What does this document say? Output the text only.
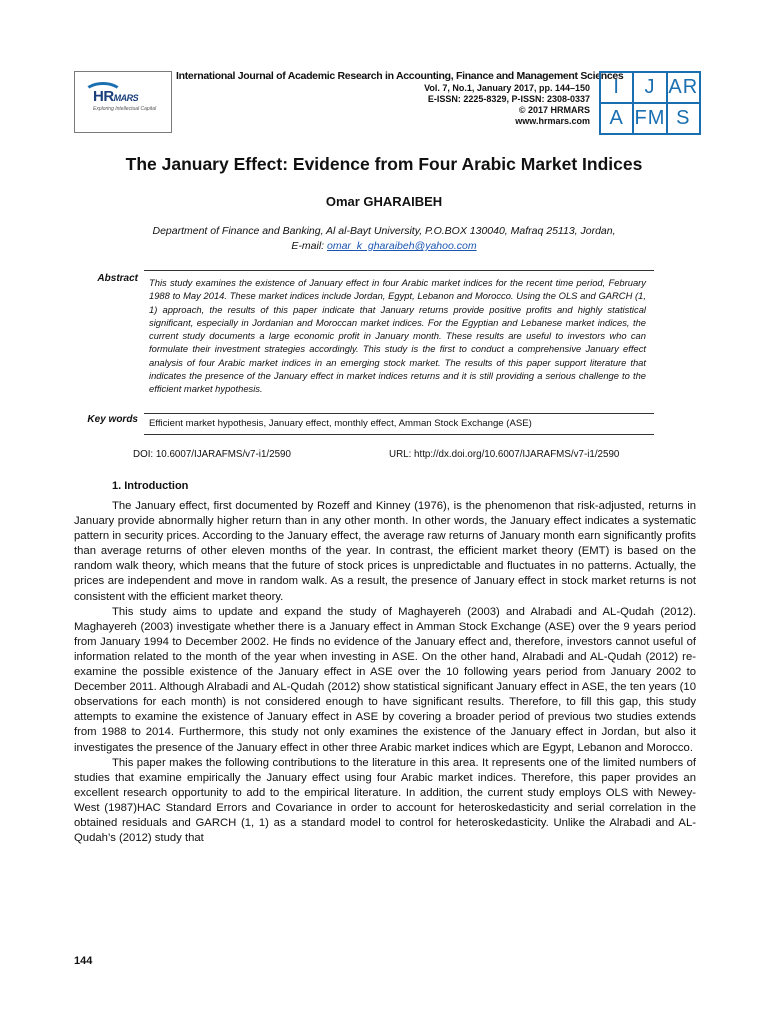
HRMARS
Exploring Intellectual Capital
International Journal of Academic Research in Accounting, Finance and Management Sciences
Vol. 7, No.1, January 2017, pp. 144–150
E-ISSN: 2225-8329, P-ISSN: 2308-0337
© 2017 HRMARS
www.hrmars.com
I	J A R
A F M S
The January Effect: Evidence from Four Arabic Market Indices
Omar GHARAIBEH
Department of Finance and Banking, Al al-Bayt University, P.O.BOX 130040, Mafraq 25113, Jordan,
E-mail: omar_k_gharaibeh@yahoo.com
Abstract This study examines the existence of January effect in four Arabic market indices for the recent time period, February 1988 to May 2014. These market indices include Jordan, Egypt, Lebanon and Morocco. Using the OLS and GARCH (1, 1) approach, the results of this paper indicate that January returns provide positive profits and highly statistical significant, especially in Jordanian and Moroccan market indices. For the Egyptian and Lebanese market indices, the current study documents a large economic profit in January month. These results are useful to investors who can formulate their investment strategies accordingly. This study is the first to conduct a comprehensive January effect analysis of four Arabic market indices in an emerging stock market. The results of this paper support literature that indicates the presence of the January effect in market indices returns and it is still providing a serious challenge to the efficient market hypothesis.
Key words Efficient market hypothesis, January effect, monthly effect, Amman Stock Exchange (ASE)
DOI: 10.6007/IJARAFMS/v7-i1/2590	URL: http://dx.doi.org/10.6007/IJARAFMS/v7-i1/2590
1. Introduction

The January effect, first documented by Rozeff and Kinney (1976), is the phenomenon that risk-adjusted, returns in January provide abnormally higher return than in any other month. In other words, the January effect indicates a systematic pattern in security prices. According to the January effect, the average raw returns of January month earn significantly profits than average returns of other eleven months of the year. In contrast, the efficient market theory (EMT) is based on the random walk theory, which means that the future of stock prices is unpredictable and fluctuates in no patterns. Actually, the prices are independent and move in random walk. As a result, the presence of January effect in stock market returns is not consistent with the efficient market theory.

This study aims to update and expand the study of Maghayereh (2003) and Alrabadi and AL-Qudah (2012). Maghayereh (2003) investigate whether there is a January effect in Amman Stock Exchange (ASE) over the 9 years period from January 1994 to December 2002. He finds no evidence of the January effect and, therefore, investors cannot useful of information related to the month of the year when investing in ASE. On the other hand, Alrabadi and AL-Qudah (2012) re-examine the possible existence of the January effect in ASE over the 10 following years period from January 2002 to December 2011. Although Alrabadi and AL-Qudah (2012) show statistical significant January effect in ASE, the ten years (10 observations for each month) is not considered enough to have significant results. Therefore, to fill this gap, this study attempts to examine the existence of January effect in ASE by covering a broader period of previous two studies extends from 1988 to 2014. Furthermore, this study not only examines the existence of the January effect in Jordan, but also it investigates the presence of the January effect in other three Arabic market indices which are Egypt, Lebanon and Morocco.

This paper makes the following contributions to the literature in this area. It represents one of the limited numbers of studies that examine empirically the January effect using four Arabic market indices. Therefore, this paper provides an excellent research opportunity to add to the empirical literature. In addition, the current study employs OLS with Newey-West (1987)HAC Standard Errors and Covariance in order to account for heteroskedasticity and serial correlation in the obtained residuals and GARCH (1, 1) as a standard model to control for heteroskedasticity. Unlike the Alrabadi and AL-Qudah’s (2012) study that

144
